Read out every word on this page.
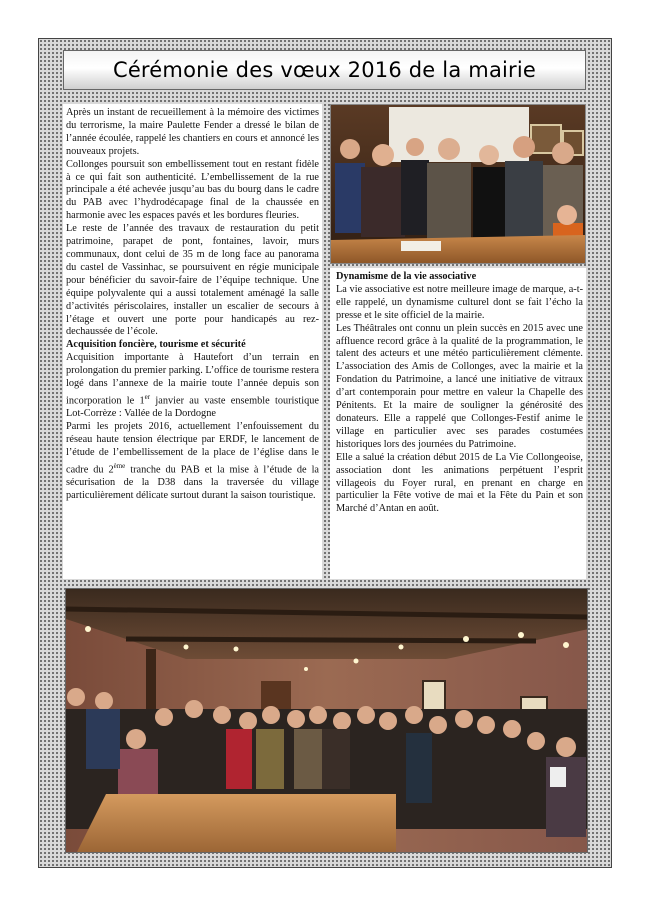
Cérémonie des vœux 2016 de la mairie

Après un instant de recueillement à la mémoire des victimes du terrorisme, la maire Paulette Fender a dressé le bilan de l’année écoulée, rappelé les chantiers en cours et annoncé les nouveaux projets.

Collonges poursuit son embellissement tout en restant fidèle à ce qui fait son authenticité. L’embellissement de la rue principale a été achevée jusqu’au bas du bourg dans le cadre du PAB avec l’hydrodécapage final de la chaussée en harmonie avec les espaces pavés et les bordures fleuries.

Le reste de l’année des travaux de restauration du petit patrimoine, parapet de pont, fontaines, lavoir, murs communaux, dont celui de 35 m de long face au panorama du castel de Vassinhac, se poursuivent en régie municipale pour bénéficier du savoir-faire de l’équipe technique. Une équipe polyvalente qui a aussi totalement aménagé la salle d’activités périscolaires, installer un escalier de secours à l’étage et ouvert une porte pour handicapés au rez-dechaussée de l’école.

Acquisition foncière, tourisme et sécurité

Acquisition importante à Hautefort d’un terrain en prolongation du premier parking. L’office de tourisme restera logé dans l’annexe de la mairie toute l’année depuis son incorporation le 1er janvier au vaste ensemble touristique Lot-Corrèze : Vallée de la Dordogne

Parmi les projets 2016, actuellement l’enfouissement du réseau haute tension électrique par ERDF, le lancement de l’étude de l’embellissement de la place de l’église dans le cadre du 2ème tranche du PAB et la mise à l’étude de la sécurisation de la D38 dans la traversée du village particulièrement délicate surtout durant la saison touristique.

Dynamisme de la vie associative

La vie associative est notre meilleure image de marque, a-t-elle rappelé, un dynamisme culturel dont se fait l’écho la presse et le site officiel de la mairie.

Les Théâtrales ont connu un plein succès en 2015 avec une affluence record grâce à la qualité de la programmation, le talent des acteurs et une météo particulièrement clémente. L’association des Amis de Collonges, avec la mairie et la Fondation du Patrimoine, a lancé une initiative de vitraux d’art contemporain pour mettre en valeur la Chapelle des Pénitents. Et la maire de souligner la générosité des donateurs. Elle a rappelé que Collonges-Festif anime le village en particulier avec ses parades costumées historiques lors des journées du Patrimoine.

Elle a salué la création début 2015 de La Vie Collongeoise, association dont les animations perpétuent l’esprit villageois du Foyer rural, en prenant en charge en particulier la Fête votive de mai et la Fête du Pain et son Marché d’Antan en août.
